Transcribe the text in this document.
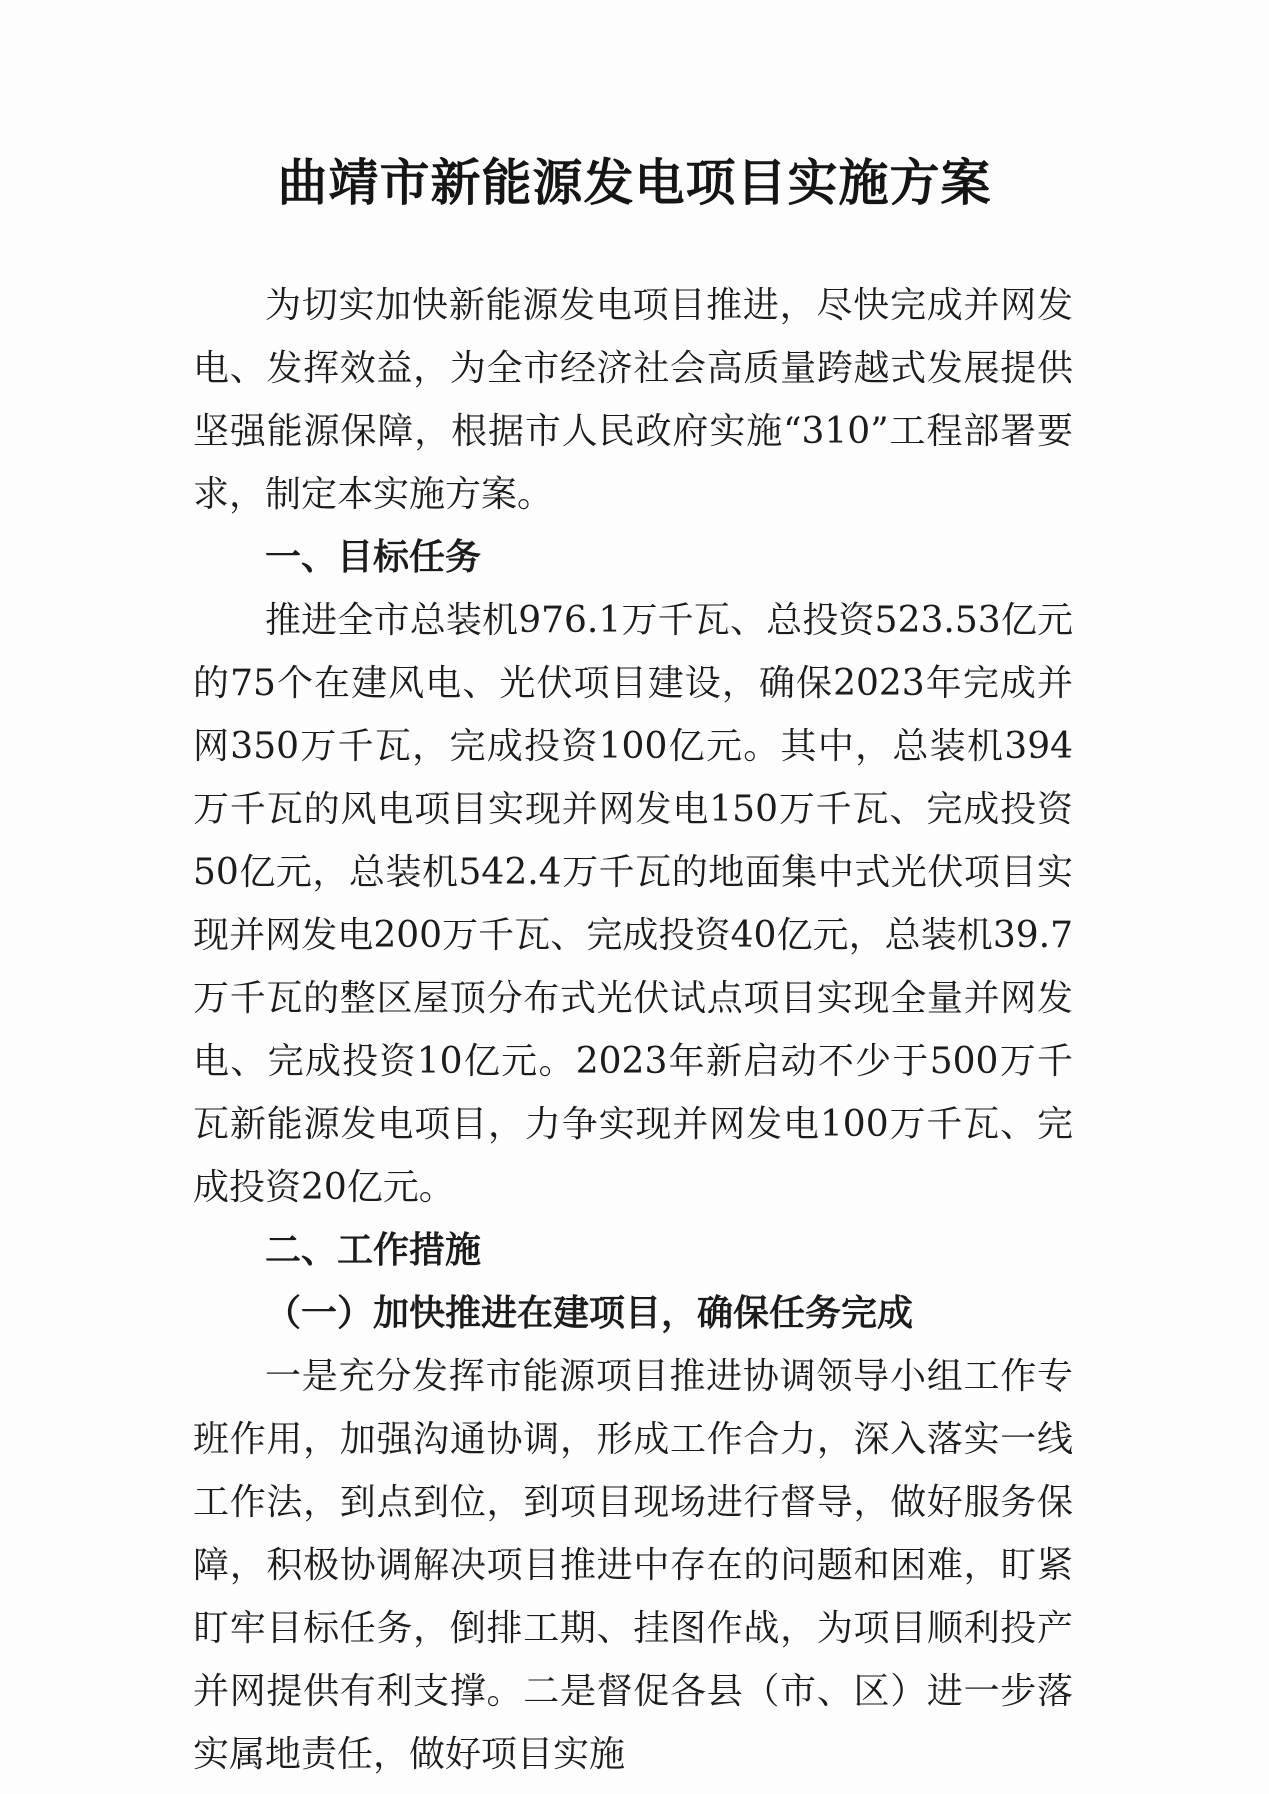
曲靖市新能源发电项目实施方案

为切实加快新能源发电项目推进，尽快完成并网发电、发挥效益，为全市经济社会高质量跨越式发展提供坚强能源保障，根据市人民政府实施“310”工程部署要求，制定本实施方案。

一、目标任务

推进全市总装机976.1万千瓦、总投资523.53亿元的75个在建风电、光伏项目建设，确保2023年完成并网350万千瓦，完成投资100亿元。其中，总装机394万千瓦的风电项目实现并网发电150万千瓦、完成投资50亿元，总装机542.4万千瓦的地面集中式光伏项目实现并网发电200万千瓦、完成投资40亿元，总装机39.7万千瓦的整区屋顶分布式光伏试点项目实现全量并网发电、完成投资10亿元。2023年新启动不少于500万千瓦新能源发电项目，力争实现并网发电100万千瓦、完成投资20亿元。

二、工作措施

（一）加快推进在建项目，确保任务完成

一是充分发挥市能源项目推进协调领导小组工作专班作用，加强沟通协调，形成工作合力，深入落实一线工作法，到点到位，到项目现场进行督导，做好服务保障，积极协调解决项目推进中存在的问题和困难，盯紧盯牢目标任务，倒排工期、挂图作战，为项目顺利投产并网提供有利支撑。二是督促各县（市、区）进一步落实属地责任，做好项目实施
